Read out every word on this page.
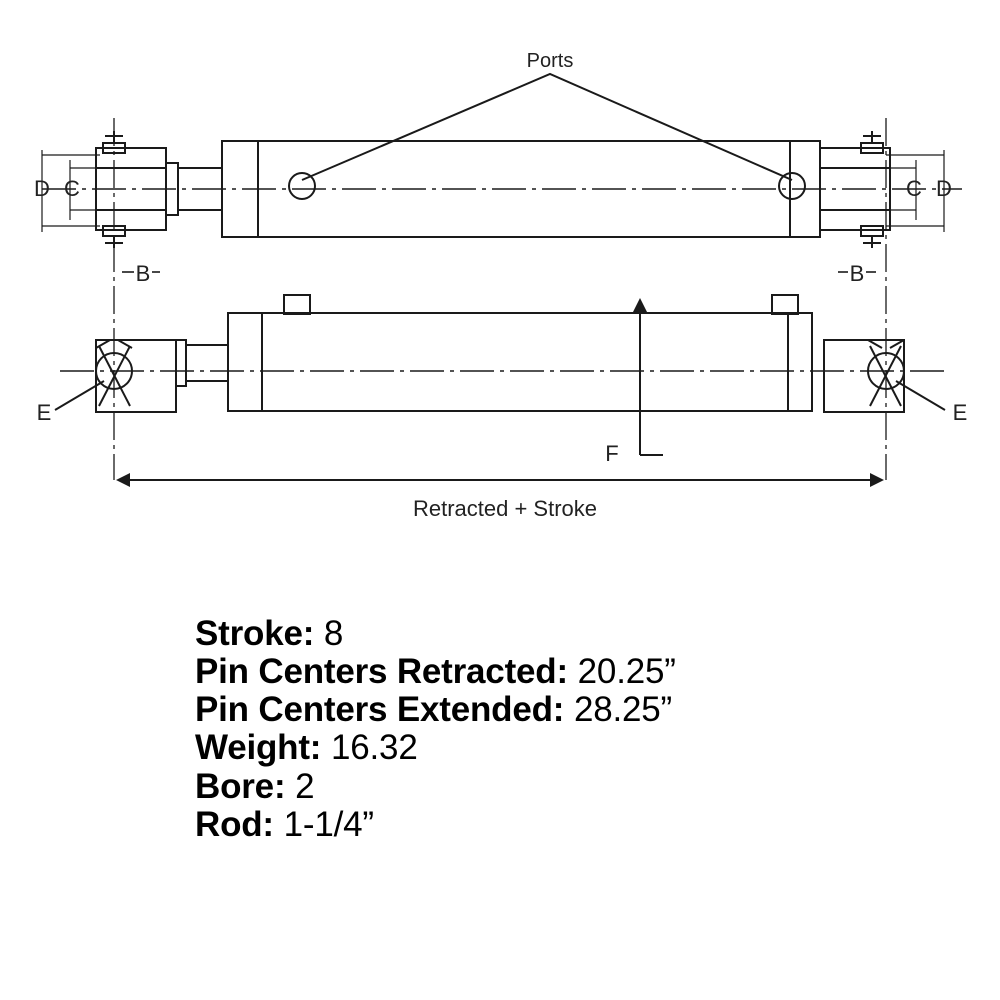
Ports
D C	D
C
B	B
E	E
F
Retracted + Stroke
Stroke: 8
Pin Centers Retracted: 20.25”
Pin Centers Extended: 28.25”
Weight: 16.32
Bore: 2
Rod: 1-1/4”
